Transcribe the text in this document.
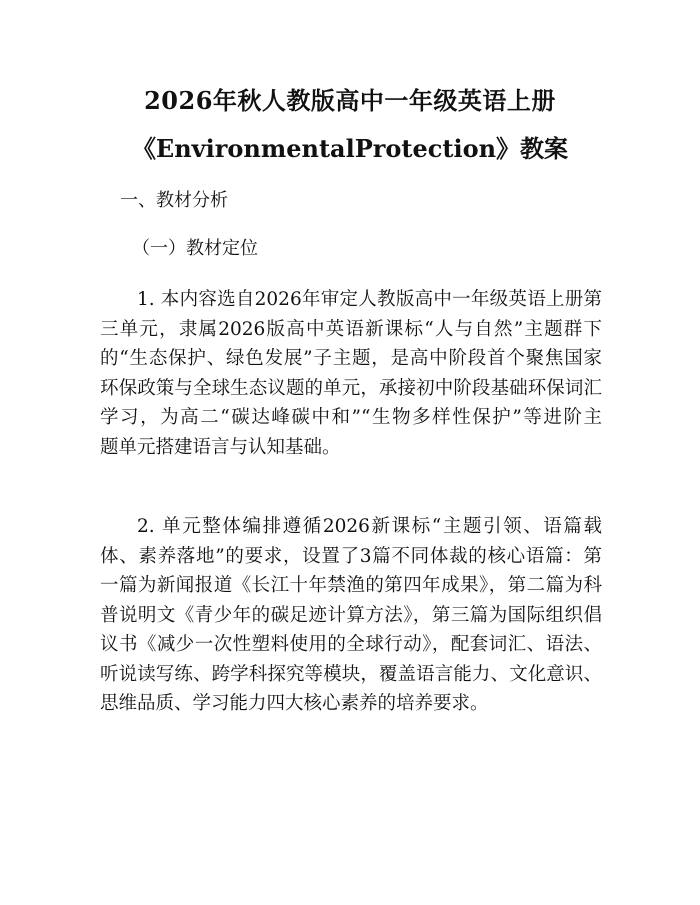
2026年秋人教版高中一年级英语上册
《EnvironmentalProtection》教案
一、教材分析
（一）教材定位
1. 本内容选自2026年审定人教版高中一年级英语上册第
三单元，隶属2026版高中英语新课标“人与自然”主题群下
的“生态保护、绿色发展”子主题，是高中阶段首个聚焦国家
环保政策与全球生态议题的单元，承接初中阶段基础环保词汇
学习，为高二“碳达峰碳中和”“生物多样性保护”等进阶主
题单元搭建语言与认知基础。
2. 单元整体编排遵循2026新课标“主题引领、语篇载
体、素养落地”的要求，设置了3篇不同体裁的核心语篇：第
一篇为新闻报道《长江十年禁渔的第四年成果》，第二篇为科
普说明文《青少年的碳足迹计算方法》，第三篇为国际组织倡
议书《减少一次性塑料使用的全球行动》，配套词汇、语法、
听说读写练、跨学科探究等模块，覆盖语言能力、文化意识、
思维品质、学习能力四大核心素养的培养要求。
